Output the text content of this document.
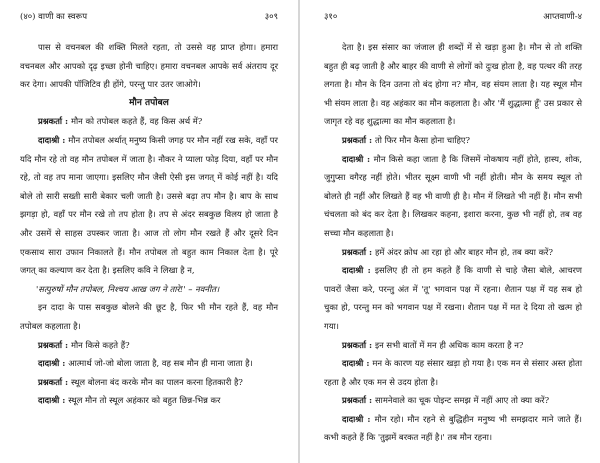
(४०) वाणी का स्वरूप	३०९

पास से वचनबल की शक्ति मिलते रहता, तो उससे वह प्राप्त होगा। हमारा वचनबल और आपको दृढ़ इच्छा होनी चाहिए। हमारा वचनबल आपके सर्व अंतराय दूर कर देगा। आपकी पॉजिटिव ही होंगे, परन्तु पार उतर जाओगे।

मौन तपोबल

प्रश्नकर्ता : मौन को तपोबल कहते हैं, वह किस अर्थ में?

दादाश्री : मौन तपोबल अर्थात् मनुष्य किसी जगह पर मौन नहीं रख सके, वहाँ पर यदि मौन रहे तो वह मौन तपोबल में जाता है। नौकर ने प्याला फोड़ दिया, वहाँ पर मौन रहे, तो वह तप माना जाएगा। इसलिए मौन जैसी ऐसी इस जगत् में कोई नहीं है। यदि बोले तो सारी सख्ती सारी बेकार चली जाती है। उससे बढ़ा तप मौन है। बाप के साथ झगड़ा हो, वहाँ पर मौन रखे तो तप होता है। तप से अंदर सबकुछ विलय हो जाता है और उसमें से साहस उपस्कर जाता है। आज तो लोग मौन रखते हैं और दूसरे दिन एकसाथ सारा उफान निकालते हैं। मौन तपोबल तो बहुत काम निकाल देता है। पूरे जगत् का कल्याण कर देता है। इसलिए कवि ने लिखा है न,

'सत्पुरुषों मौन तपोबल, निश्चय आख जग ने तारे!' – नवनीत।

इन दादा के पास सबकुछ बोलने की छूट है, फिर भी मौन रहते हैं, वह मौन तपोबल कहलाता है।

प्रश्नकर्ता : मौन किसे कहते हैं?

दादाश्री : आत्मार्थ जो-जो बोला जाता है, वह सब मौन ही माना जाता है।

प्रश्नकर्ता : स्थूल बोलना बंद करके मौन का पालन करना हितकारी है?

दादाश्री : स्थूल मौन तो स्थूल अहंकार को बहुत छिन्न-भिन्न कर

३१०	आप्तवाणी-४

देता है। इस संसार का जंजाल ही शब्दों में से खड़ा हुआ है। मौन से तो शक्ति बहुत ही बढ़ जाती है और बाहर की वाणी से लोगों को दुःख होता है, वह पत्थर की तरह लगता है। मौन के दिन उतना तो बंद होगा न? मौन, वह संयम लाता है। यह स्थूल मौन भी संयम लाता है। वह अहंकार का मौन कहलाता है। और 'मैं शुद्धात्मा हूँ' उस प्रकार से जागृत रहे वह शुद्धात्मा का मौन कहलाता है।

प्रश्नकर्ता : तो फिर मौन कैसा होना चाहिए?

दादाश्री : मौन किसे कहा जाता है कि जिसमें नोकषाय नहीं होते, हास्य, शोक, जुगुप्सा वगैरह नहीं होते। भीतर सूक्ष्म वाणी भी नहीं होती। मौन के समय स्थूल तो बोलते ही नहीं और लिखते हैं वह भी वाणी ही है। मौन में लिखते भी नहीं हैं। मौन सभी चंचलता को बंद कर देता है। लिखकर कहना, इशारा करना, कुछ भी नहीं हो, तब वह सच्चा मौन कहलाता है।

प्रश्नकर्ता : हमें अंदर क्रोध आ रहा हो और बाहर मौन हो, तब क्या करें?

दादाश्री : इसलिए ही तो हम कहते हैं कि वाणी से चाहे जैसा बोले, आचरण पावरों जैसा करे, परन्तु अंत में 'तू' भगवान पक्ष में रहना। शैतान पक्ष में यह सब हो चुका हो, परन्तु मन को भगवान पक्ष में रखना। शैतान पक्ष में मत दे दिया तो खत्म हो गया।

प्रश्नकर्ता : इन सभी बातों में मन ही अधिक काम करता है न?

दादाश्री : मन के कारण यह संसार खड़ा हो गया है। एक मन से संसार अस्त होता रहता है और एक मन से उदय होता है।

प्रश्नकर्ता : सामनेवाले का चूक पोइन्ट समझ में नहीं आए तो क्या करें?

दादाश्री : मौन रहो। मौन रहने से बुद्धिहीन मनुष्य भी समझदार माने जाते हैं। कभी कहते हैं कि 'तुझमें बरकत नहीं है।' तब मौन रहना।
